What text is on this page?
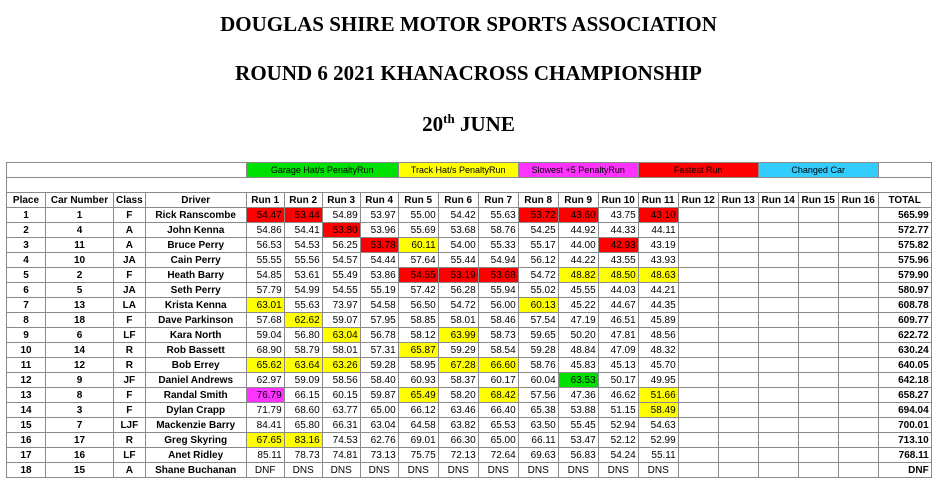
DOUGLAS SHIRE MOTOR SPORTS ASSOCIATION
ROUND 6 2021 KHANACROSS CHAMPIONSHIP
20th JUNE
				Garage Hat/s PenaltyRun				Track Hat/s PenaltyRun			Slowest +5 PenaltyRun			Fastest Run			Changed Car			

Place	Car Number	Class	Driver	Run 1	Run 2	Run 3	Run 4	Run 5	Run 6	Run 7	Run 8	Run 9	Run 10	Run 11	Run 12	Run 13	Run 14	Run 15	Run 16	TOTAL
1	1	F	Rick Ranscombe	54.47	53.44	54.89	53.97	55.00	54.42	55.63	53.72	43.60	43.75	43.10						565.99
2	4	A	John Kenna	54.86	54.41	53.80	53.96	55.69	53.68	58.76	54.25	44.92	44.33	44.11						572.77
3	11	A	Bruce Perry	56.53	54.53	56.25	53.78	60.11	54.00	55.33	55.17	44.00	42.93	43.19						575.82
4	10	JA	Cain Perry	55.55	55.56	54.57	54.44	57.64	55.44	54.94	56.12	44.22	43.55	43.93						575.96
5	2	F	Heath Barry	54.85	53.61	55.49	53.86	54.55	53.19	53.68	54.72	48.82	48.50	48.63						579.90
6	5	JA	Seth Perry	57.79	54.99	54.55	55.19	57.42	56.28	55.94	55.02	45.55	44.03	44.21						580.97
7	13	LA	Krista Kenna	63.01	55.63	73.97	54.58	56.50	54.72	56.00	60.13	45.22	44.67	44.35						608.78
8	18	F	Dave Parkinson	57.68	62.62	59.07	57.95	58.85	58.01	58.46	57.54	47.19	46.51	45.89						609.77
9	6	LF	Kara North	59.04	56.80	63.04	56.78	58.12	63.99	58.73	59.65	50.20	47.81	48.56						622.72
10	14	R	Rob Bassett	68.90	58.79	58.01	57.31	65.87	59.29	58.54	59.28	48.84	47.09	48.32						630.24
11	12	R	Bob Errey	65.62	63.64	63.26	59.28	58.95	67.28	66.60	58.76	45.83	45.13	45.70						640.05
12	9	JF	Daniel Andrews	62.97	59.09	58.56	58.40	60.93	58.37	60.17	60.04	63.53	50.17	49.95						642.18
13	8	F	Randal Smith	76.79	66.15	60.15	59.87	65.49	58.20	68.42	57.56	47.36	46.62	51.66						658.27
14	3	F	Dylan Crapp	71.79	68.60	63.77	65.00	66.12	63.46	66.40	65.38	53.88	51.15	58.49						694.04
15	7	LJF	Mackenzie Barry	84.41	65.80	66.31	63.04	64.58	63.82	65.53	63.50	55.45	52.94	54.63						700.01
16	17	R	Greg Skyring	67.65	83.16	74.53	62.76	69.01	66.30	65.00	66.11	53.47	52.12	52.99						713.10
17	16	LF	Anet Ridley	85.11	78.73	74.81	73.13	75.75	72.13	72.64	69.63	56.83	54.24	55.11						768.11
18	15	A	Shane Buchanan	DNF	DNS	DNS	DNS	DNS	DNS	DNS	DNS	DNS	DNS	DNS						DNF
